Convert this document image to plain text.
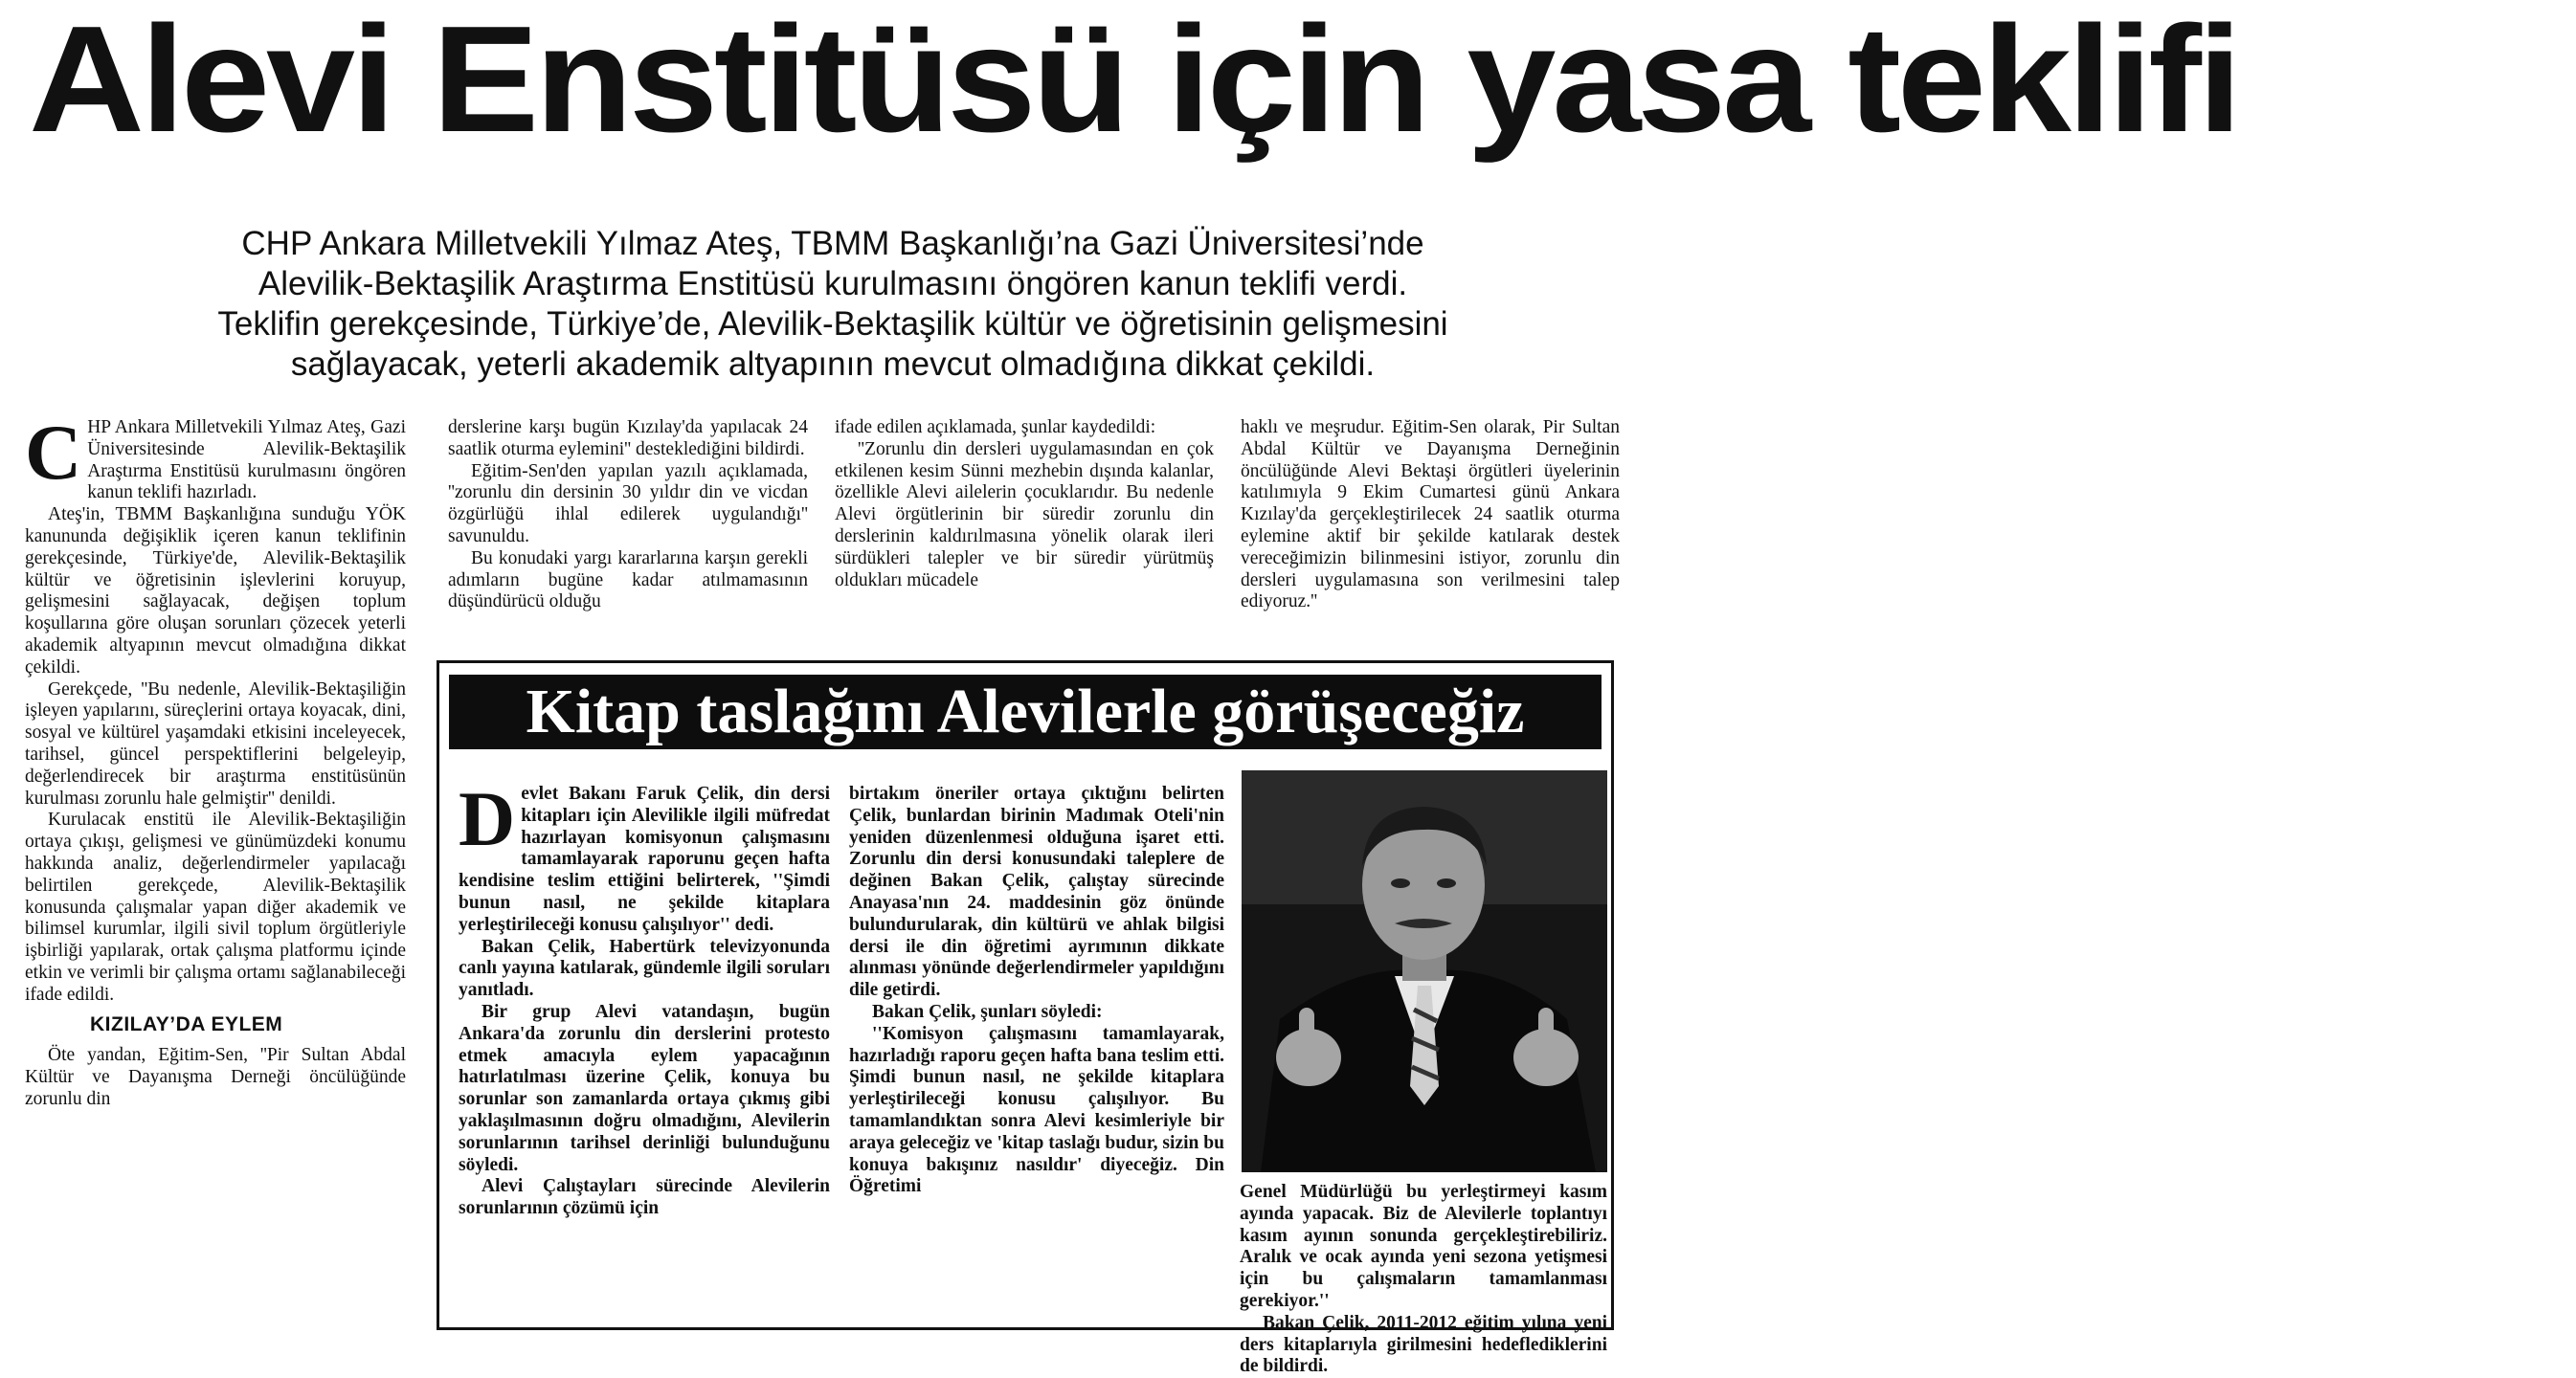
Alevi Enstitüsü için yasa teklifi
CHP Ankara Milletvekili Yılmaz Ateş, TBMM Başkanlığı’na Gazi Üniversitesi’nde
Alevilik-Bektaşilik Araştırma Enstitüsü kurulmasını öngören kanun teklifi verdi.
Teklifin gerekçesinde, Türkiye’de, Alevilik-Bektaşilik kültür ve öğretisinin gelişmesini
sağlayacak, yeterli akademik altyapının mevcut olmadığına dikkat çekildi.
C HP Ankara Milletvekili Yılmaz Ateş, Gazi Üniversitesinde Alevilik-Bektaşilik Araştırma Enstitüsü kurulmasını öngören kanun teklifi hazırladı.

Ateş'in, TBMM Başkanlığına sunduğu YÖK kanununda değişiklik içeren kanun teklifinin gerekçesinde, Türkiye'de, Alevilik-Bektaşilik kültür ve öğretisinin işlevlerini koruyup, gelişmesini sağlayacak, değişen toplum koşullarına göre oluşan sorunları çözecek yeterli akademik altyapının mevcut olmadığına dikkat çekildi.

Gerekçede, ''Bu nedenle, Alevilik-Bektaşiliğin işleyen yapılarını, süreçlerini ortaya koyacak, dini, sosyal ve kültürel yaşamdaki etkisini inceleyecek, tarihsel, güncel perspektiflerini belgeleyip, değerlendirecek bir araştırma enstitüsünün kurulması zorunlu hale gelmiştir'' denildi.

Kurulacak enstitü ile Alevilik-Bektaşiliğin ortaya çıkışı, gelişmesi ve günümüzdeki konumu hakkında analiz, değerlendirmeler yapılacağı belirtilen gerekçede, Alevilik-Bektaşilik konusunda çalışmalar yapan diğer akademik ve bilimsel kurumlar, ilgili sivil toplum örgütleriyle işbirliği yapılarak, ortak çalışma platformu içinde etkin ve verimli bir çalışma ortamı sağlanabileceği ifade edildi.

KIZILAY’DA EYLEM

Öte yandan, Eğitim-Sen, ''Pir Sultan Abdal Kültür ve Dayanışma Derneği öncülüğünde zorunlu din

derslerine karşı bugün Kızılay'da yapılacak 24 saatlik oturma eylemini'' desteklediğini bildirdi.

Eğitim-Sen'den yapılan yazılı açıklamada, ''zorunlu din dersinin 30 yıldır din ve vicdan özgürlüğü ihlal edilerek uygulandığı'' savunuldu.

Bu konudaki yargı kararlarına karşın gerekli adımların bugüne kadar atılmamasının düşündürücü olduğu

ifade edilen açıklamada, şunlar kaydedildi:

''Zorunlu din dersleri uygulamasından en çok etkilenen kesim Sünni mezhebin dışında kalanlar, özellikle Alevi ailelerin çocuklarıdır. Bu nedenle Alevi örgütlerinin bir süredir zorunlu din derslerinin kaldırılmasına yönelik olarak ileri sürdükleri talepler ve bir süredir yürütmüş oldukları mücadele

haklı ve meşrudur. Eğitim-Sen olarak, Pir Sultan Abdal Kültür ve Dayanışma Derneğinin öncülüğünde Alevi Bektaşi örgütleri üyelerinin katılımıyla 9 Ekim Cumartesi günü Ankara Kızılay'da gerçekleştirilecek 24 saatlik oturma eylemine aktif bir şekilde katılarak destek vereceğimizin bilinmesini istiyor, zorunlu din dersleri uygulamasına son verilmesini talep ediyoruz.''

Kitap taslağını Alevilerle görüşeceğiz
D evlet Bakanı Faruk Çelik, din dersi kitapları için Alevilikle ilgili müfredat hazırlayan komisyonun çalışmasını tamamlayarak raporunu geçen hafta kendisine teslim ettiğini belirterek, ''Şimdi bunun nasıl, ne şekilde kitaplara yerleştirileceği konusu çalışılıyor'' dedi.

Bakan Çelik, Habertürk televizyonunda canlı yayına katılarak, gündemle ilgili soruları yanıtladı.

Bir grup Alevi vatandaşın, bugün Ankara'da zorunlu din derslerini protesto etmek amacıyla eylem yapacağının hatırlatılması üzerine Çelik, konuya bu sorunlar son zamanlarda ortaya çıkmış gibi yaklaşılmasının doğru olmadığını, Alevilerin sorunlarının tarihsel derinliği bulunduğunu söyledi.

Alevi Çalıştayları sürecinde Alevilerin sorunlarının çözümü için

birtakım öneriler ortaya çıktığını belirten Çelik, bunlardan birinin Madımak Oteli'nin yeniden düzenlenmesi olduğuna işaret etti. Zorunlu din dersi konusundaki taleplere de değinen Bakan Çelik, çalıştay sürecinde Anayasa'nın 24. maddesinin göz önünde bulundurularak, din kültürü ve ahlak bilgisi dersi ile din öğretimi ayrımının dikkate alınması yönünde değerlendirmeler yapıldığını dile getirdi.

Bakan Çelik, şunları söyledi:

''Komisyon çalışmasını tamamlayarak, hazırladığı raporu geçen hafta bana teslim etti. Şimdi bunun nasıl, ne şekilde kitaplara yerleştirileceği konusu çalışılıyor. Bu tamamlandıktan sonra Alevi kesimleriyle bir araya geleceğiz ve 'kitap taslağı budur, sizin bu konuya bakışınız nasıldır' diyeceğiz. Din Öğretimi	Genel Müdürlüğü bu yerleştirmeyi kasım ayında yapacak. Biz de Alevilerle toplantıyı kasım ayının sonunda gerçekleştirebiliriz. Aralık ve ocak ayında yeni sezona yetişmesi için bu çalışmaların tamamlanması gerekiyor.''

Bakan Çelik, 2011-2012 eğitim yılına yeni ders kitaplarıyla girilmesini hedeflediklerini de bildirdi.
